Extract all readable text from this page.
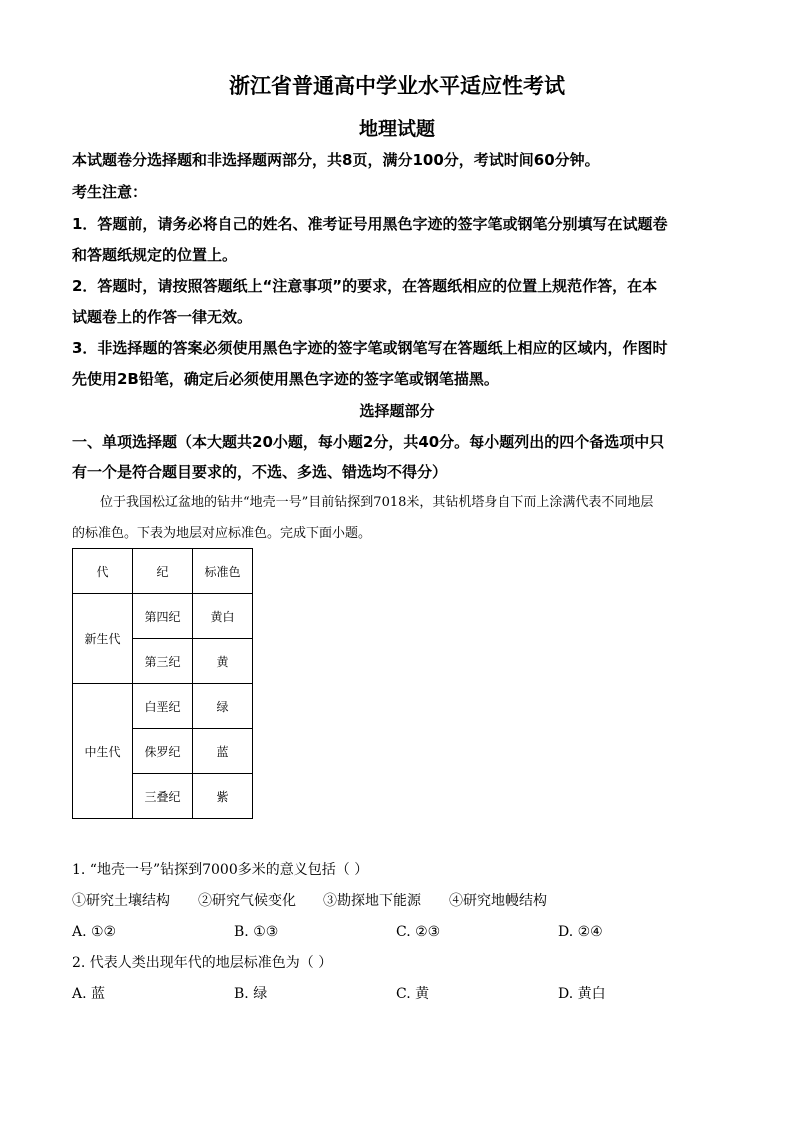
浙江省普通高中学业水平适应性考试
地理试题
本试题卷分选择题和非选择题两部分，共8页，满分100分，考试时间60分钟。
考生注意：
1．答题前，请务必将自己的姓名、准考证号用黑色字迹的签字笔或钢笔分别填写在试题卷
和答题纸规定的位置上。
2．答题时，请按照答题纸上“注意事项”的要求，在答题纸相应的位置上规范作答，在本
试题卷上的作答一律无效。
3．非选择题的答案必须使用黑色字迹的签字笔或钢笔写在答题纸上相应的区域内，作图时
先使用2B铅笔，确定后必须使用黑色字迹的签字笔或钢笔描黑。
选择题部分
一、单项选择题（本大题共20小题，每小题2分，共40分。每小题列出的四个备选项中只
有一个是符合题目要求的，不选、多选、错选均不得分）
位于我国松辽盆地的钻井“地壳一号”目前钻探到7018米，其钻机塔身自下而上涂满代表不同地层
的标准色。下表为地层对应标准色。完成下面小题。
代	纪	标准色
新生代	第四纪	黄白
	第三纪	黄
中生代	白垩纪	绿
	侏罗纪	蓝
	三叠纪	紫
1. “地壳一号”钻探到7000多米的意义包括（ ）
①研究土壤结构 ②研究气候变化 ③勘探地下能源 ④研究地幔结构
A. ①②	B. ①③	C. ②③	D. ②④
2. 代表人类出现年代的地层标准色为（ ）
A. 蓝	B. 绿	C. 黄	D. 黄白
